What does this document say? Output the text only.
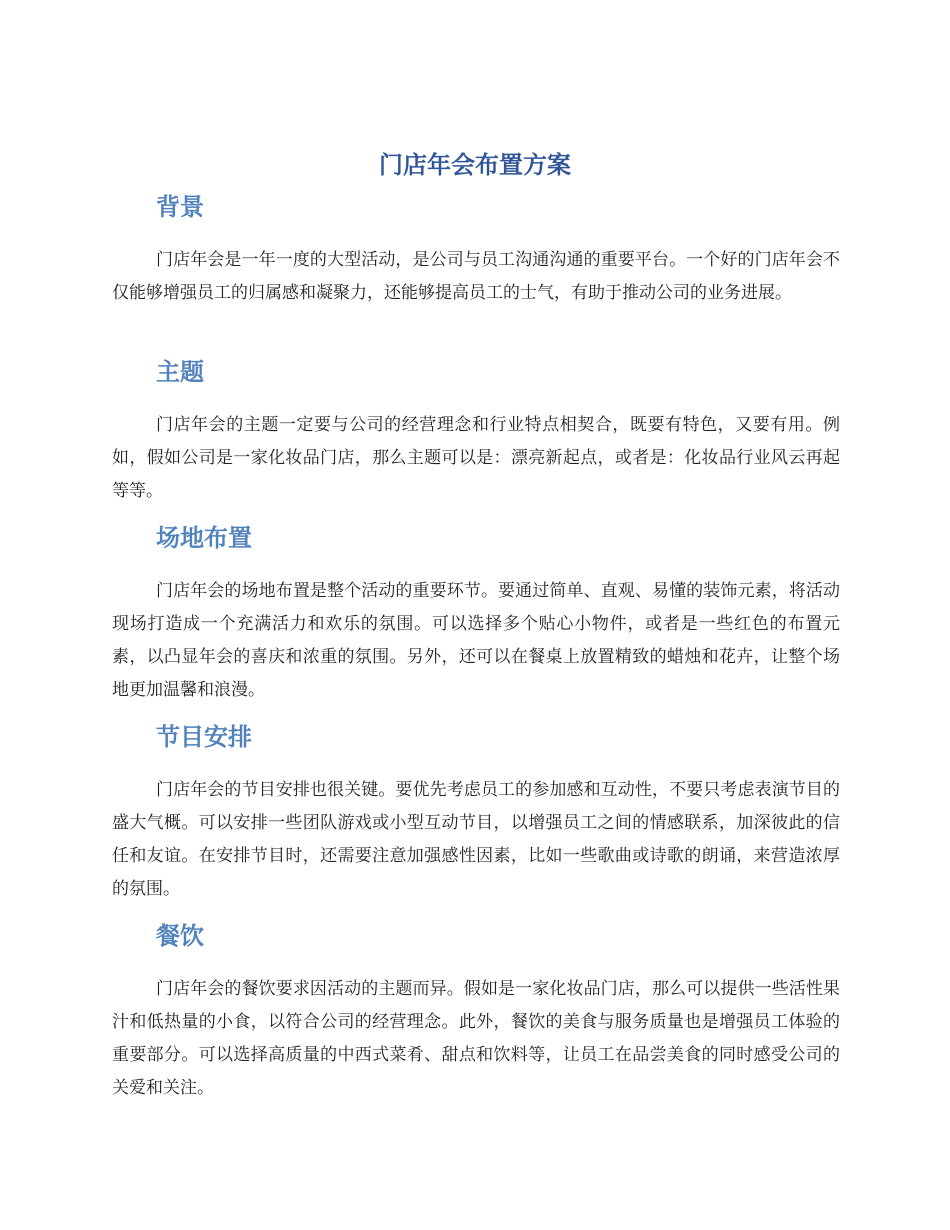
门店年会布置方案
背景

门店年会是一年一度的大型活动，是公司与员工沟通沟通的重要平台。一个好的门店年会不仅能够增强员工的归属感和凝聚力，还能够提高员工的士气，有助于推动公司的业务进展。

主题

门店年会的主题一定要与公司的经营理念和行业特点相契合，既要有特色，又要有用。例如，假如公司是一家化妆品门店，那么主题可以是：漂亮新起点，或者是：化妆品行业风云再起等等。

场地布置

门店年会的场地布置是整个活动的重要环节。要通过简单、直观、易懂的装饰元素，将活动现场打造成一个充满活力和欢乐的氛围。可以选择多个贴心小物件，或者是一些红色的布置元素，以凸显年会的喜庆和浓重的氛围。另外，还可以在餐桌上放置精致的蜡烛和花卉，让整个场地更加温馨和浪漫。

节目安排

门店年会的节目安排也很关键。要优先考虑员工的参加感和互动性，不要只考虑表演节目的盛大气概。可以安排一些团队游戏或小型互动节目，以增强员工之间的情感联系，加深彼此的信任和友谊。在安排节目时，还需要注意加强感性因素，比如一些歌曲或诗歌的朗诵，来营造浓厚的氛围。

餐饮

门店年会的餐饮要求因活动的主题而异。假如是一家化妆品门店，那么可以提供一些活性果汁和低热量的小食，以符合公司的经营理念。此外，餐饮的美食与服务质量也是增强员工体验的重要部分。可以选择高质量的中西式菜肴、甜点和饮料等，让员工在品尝美食的同时感受公司的关爱和关注。
